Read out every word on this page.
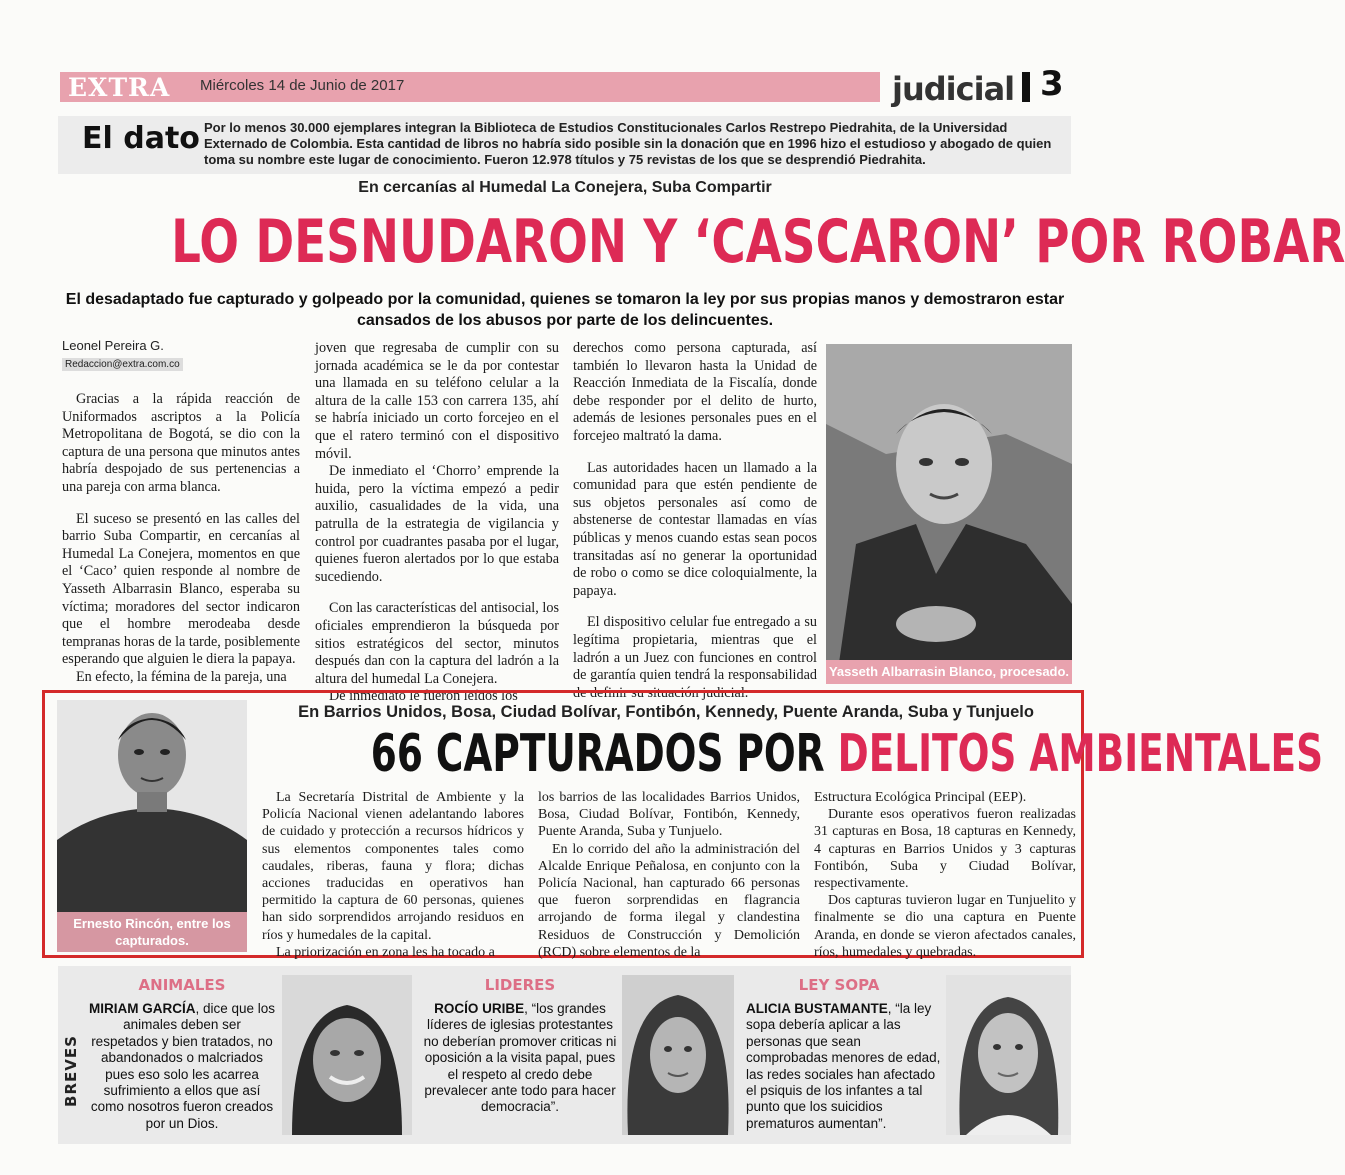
EXTRA Miércoles 14 de Junio de 2017	judicial 3
El dato Por lo menos 30.000 ejemplares integran la Biblioteca de Estudios Constitucionales Carlos Restrepo Piedrahita, de la Universidad Externado de Colombia. Esta cantidad de libros no habría sido posible sin la donación que en 1996 hizo el estudioso y abogado de quien toma su nombre este lugar de conocimiento. Fueron 12.978 títulos y 75 revistas de los que se desprendió Piedrahita.
En cercanías al Humedal La Conejera, Suba Compartir
LO DESNUDARON Y ‘CASCARON’ POR ROBAR
El desadaptado fue capturado y golpeado por la comunidad, quienes se tomaron la ley por sus propias manos y demostraron estar cansados de los abusos por parte de los delincuentes.
Leonel Pereira G.
Redaccion@extra.com.co

Gracias a la rápida reacción de Uniformados ascriptos a la Policía Metropolitana de Bogotá, se dio con la captura de una persona que minutos antes habría despojado de sus pertenencias a una pareja con arma blanca.

El suceso se presentó en las calles del barrio Suba Compartir, en cercanías al Humedal La Conejera, momentos en que el ‘Caco’ quien responde al nombre de Yasseth Albarrasin Blanco, esperaba su víctima; moradores del sector indicaron que el hombre merodeaba desde tempranas horas de la tarde, posiblemente esperando que alguien le diera la papaya.

En efecto, la fémina de la pareja, una

joven que regresaba de cumplir con su jornada académica se le da por contestar una llamada en su teléfono celular a la altura de la calle 153 con carrera 135, ahí se habría iniciado un corto forcejeo en el que el ratero terminó con el dispositivo móvil.

De inmediato el ‘Chorro’ emprende la huida, pero la víctima empezó a pedir auxilio, casualidades de la vida, una patrulla de la estrategia de vigilancia y control por cuadrantes pasaba por el lugar, quienes fueron alertados por lo que estaba sucediendo.

Con las características del antisocial, los oficiales emprendieron la búsqueda por sitios estratégicos del sector, minutos después dan con la captura del ladrón a la altura del humedal La Conejera.

De inmediato le fueron leídos los

derechos como persona capturada, así también lo llevaron hasta la Unidad de Reacción Inmediata de la Fiscalía, donde debe responder por el delito de hurto, además de lesiones personales pues en el forcejeo maltrató la dama.

Las autoridades hacen un llamado a la comunidad para que estén pendiente de sus objetos personales así como de abstenerse de contestar llamadas en vías públicas y menos cuando estas sean pocos transitadas así no generar la oportunidad de robo o como se dice coloquialmente, la papaya.

El dispositivo celular fue entregado a su legítima propietaria, mientras que el ladrón a un Juez con funciones en control de garantía quien tendrá la responsabilidad de definir su situación judicial.

Yasseth Albarrasin Blanco, procesado.
Ernesto Rincón, entre los capturados.
En Barrios Unidos, Bosa, Ciudad Bolívar, Fontibón, Kennedy, Puente Aranda, Suba y Tunjuelo
66 CAPTURADOS POR DELITOS AMBIENTALES

La Secretaría Distrital de Ambiente y la Policía Nacional vienen adelantando labores de cuidado y protección a recursos hídricos y sus elementos componentes tales como caudales, riberas, fauna y flora; dichas acciones traducidas en operativos han permitido la captura de 60 personas, quienes han sido sorprendidos arrojando residuos en ríos y humedales de la capital.

La priorización en zona les ha tocado a

los barrios de las localidades Barrios Unidos, Bosa, Ciudad Bolívar, Fontibón, Kennedy, Puente Aranda, Suba y Tunjuelo.

En lo corrido del año la administración del Alcalde Enrique Peñalosa, en conjunto con la Policía Nacional, han capturado 66 personas que fueron sorprendidas en flagrancia arrojando de forma ilegal y clandestina Residuos de Construcción y Demolición (RCD) sobre elementos de la

Estructura Ecológica Principal (EEP).

Durante esos operativos fueron realizadas 31 capturas en Bosa, 18 capturas en Kennedy, 4 capturas en Barrios Unidos y 3 capturas Fontibón, Suba y Ciudad Bolívar, respectivamente.

Dos capturas tuvieron lugar en Tunjuelito y finalmente se dio una captura en Puente Aranda, en donde se vieron afectados canales, ríos, humedales y quebradas.

BREVES
ANIMALES
MIRIAM GARCÍA, dice que los animales deben ser respetados y bien tratados, no abandonados o malcriados pues eso solo les acarrea sufrimiento a ellos que así como nosotros fueron creados por un Dios.
LIDERES
ROCÍO URIBE, “los grandes líderes de iglesias protestantes no deberían promover criticas ni oposición a la visita papal, pues el respeto al credo debe prevalecer ante todo para hacer democracia”.
LEY SOPA
ALICIA BUSTAMANTE, “la ley sopa debería aplicar a las personas que sean comprobadas menores de edad, las redes sociales han afectado el psiquis de los infantes a tal punto que los suicidios prematuros aumentan”.
